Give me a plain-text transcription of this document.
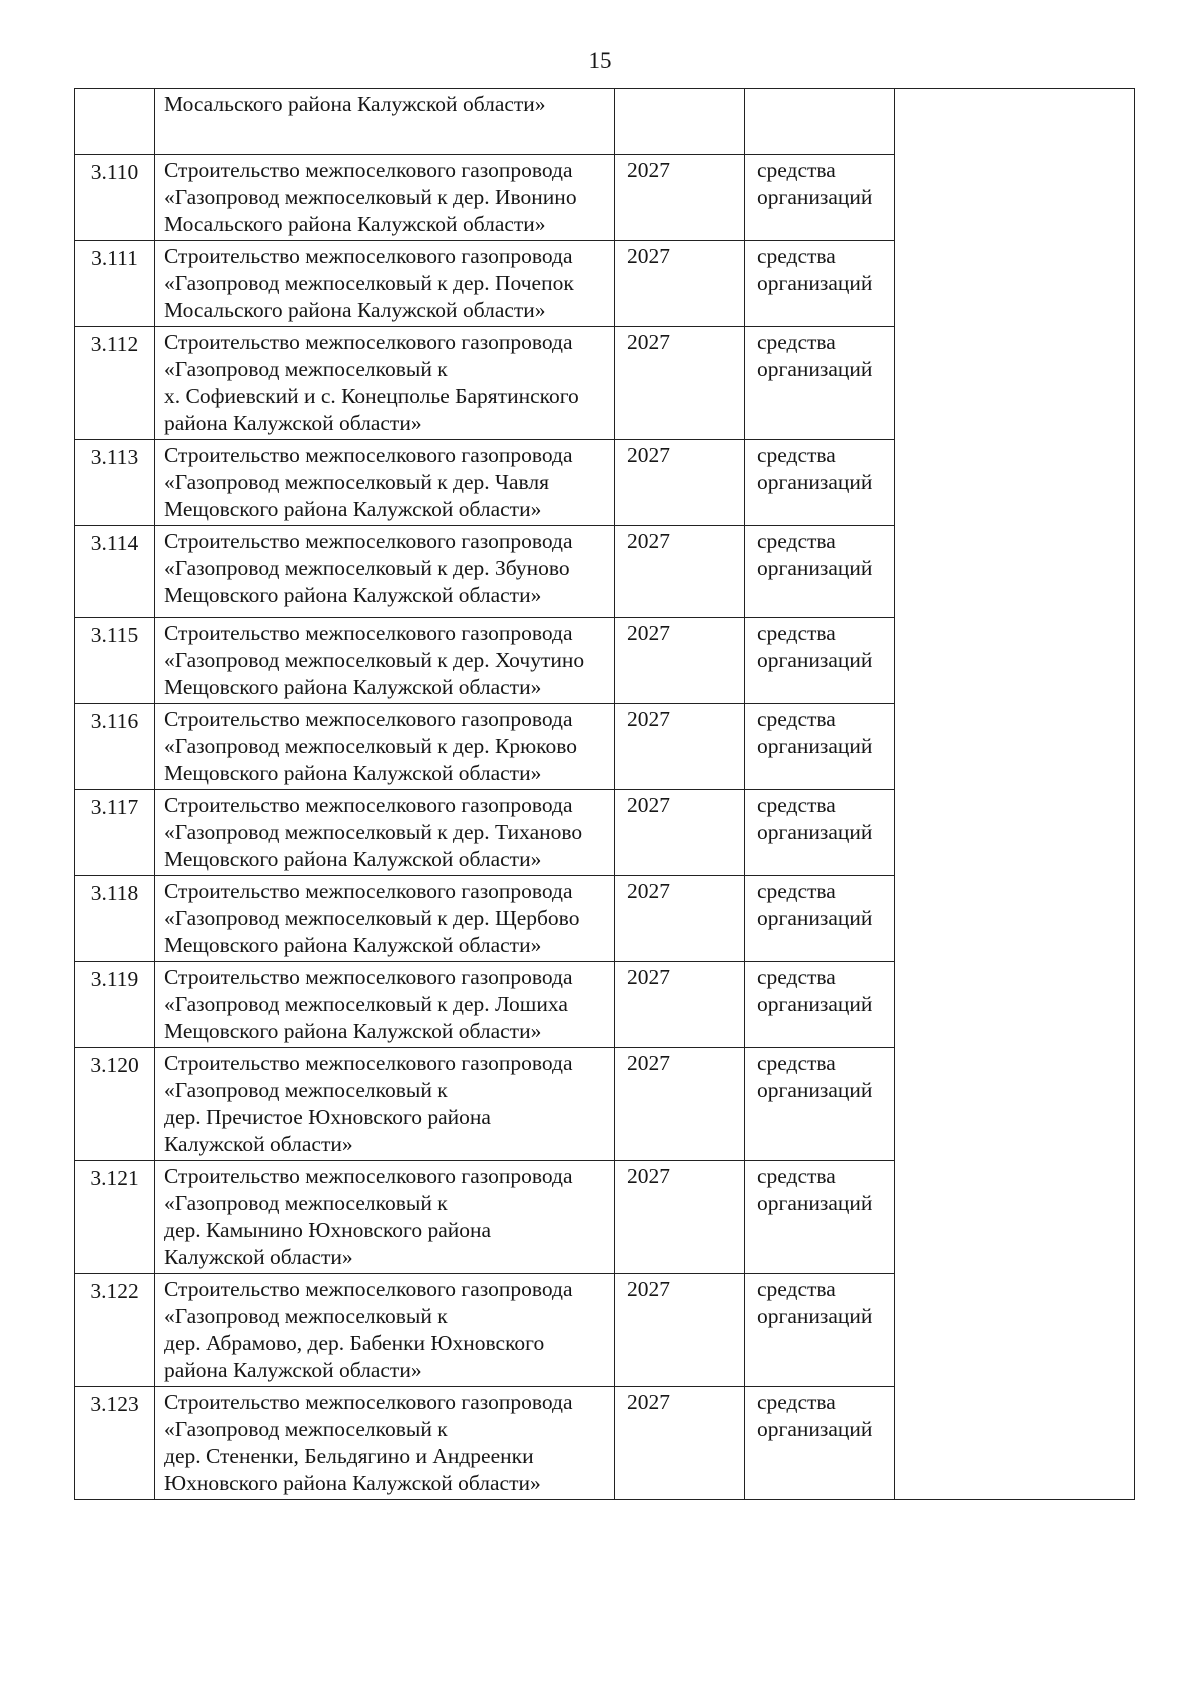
15

	Мосальского района Калужской области»			

3.110	Строительство межпоселкового газопровода
«Газопровод межпоселковый к дер. Ивонино
Мосальского района Калужской области»	2027	средства
организаций	

3.111	Строительство межпоселкового газопровода
«Газопровод межпоселковый к дер. Почепок
Мосальского района Калужской области»	2027	средства
организаций	

3.112	Строительство межпоселкового газопровода
«Газопровод межпоселковый к
х. Софиевский и с. Конецполье Барятинского
района Калужской области»	2027	средства
организаций	

3.113	Строительство межпоселкового газопровода
«Газопровод межпоселковый к дер. Чавля
Мещовского района Калужской области»	2027	средства
организаций	

3.114	Строительство межпоселкового газопровода
«Газопровод межпоселковый к дер. Збуново
Мещовского района Калужской области»	2027	средства
организаций	

3.115	Строительство межпоселкового газопровода
«Газопровод межпоселковый к дер. Хочутино
Мещовского района Калужской области»	2027	средства
организаций	

3.116	Строительство межпоселкового газопровода
«Газопровод межпоселковый к дер. Крюково
Мещовского района Калужской области»	2027	средства
организаций	

3.117	Строительство межпоселкового газопровода
«Газопровод межпоселковый к дер. Тиханово
Мещовского района Калужской области»	2027	средства
организаций	

3.118	Строительство межпоселкового газопровода
«Газопровод межпоселковый к дер. Щербово
Мещовского района Калужской области»	2027	средства
организаций	

3.119	Строительство межпоселкового газопровода
«Газопровод межпоселковый к дер. Лошиха
Мещовского района Калужской области»	2027	средства
организаций	

3.120	Строительство межпоселкового газопровода
«Газопровод межпоселковый к
дер. Пречистое Юхновского района
Калужской области»	2027	средства
организаций	

3.121	Строительство межпоселкового газопровода
«Газопровод межпоселковый к
дер. Камынино Юхновского района
Калужской области»	2027	средства
организаций	

3.122	Строительство межпоселкового газопровода
«Газопровод межпоселковый к
дер. Абрамово, дер. Бабенки Юхновского
района Калужской области»	2027	средства
организаций	

3.123	Строительство межпоселкового газопровода
«Газопровод межпоселковый к
дер. Стененки, Бельдягино и Андреенки
Юхновского района Калужской области»	2027	средства
организаций	
